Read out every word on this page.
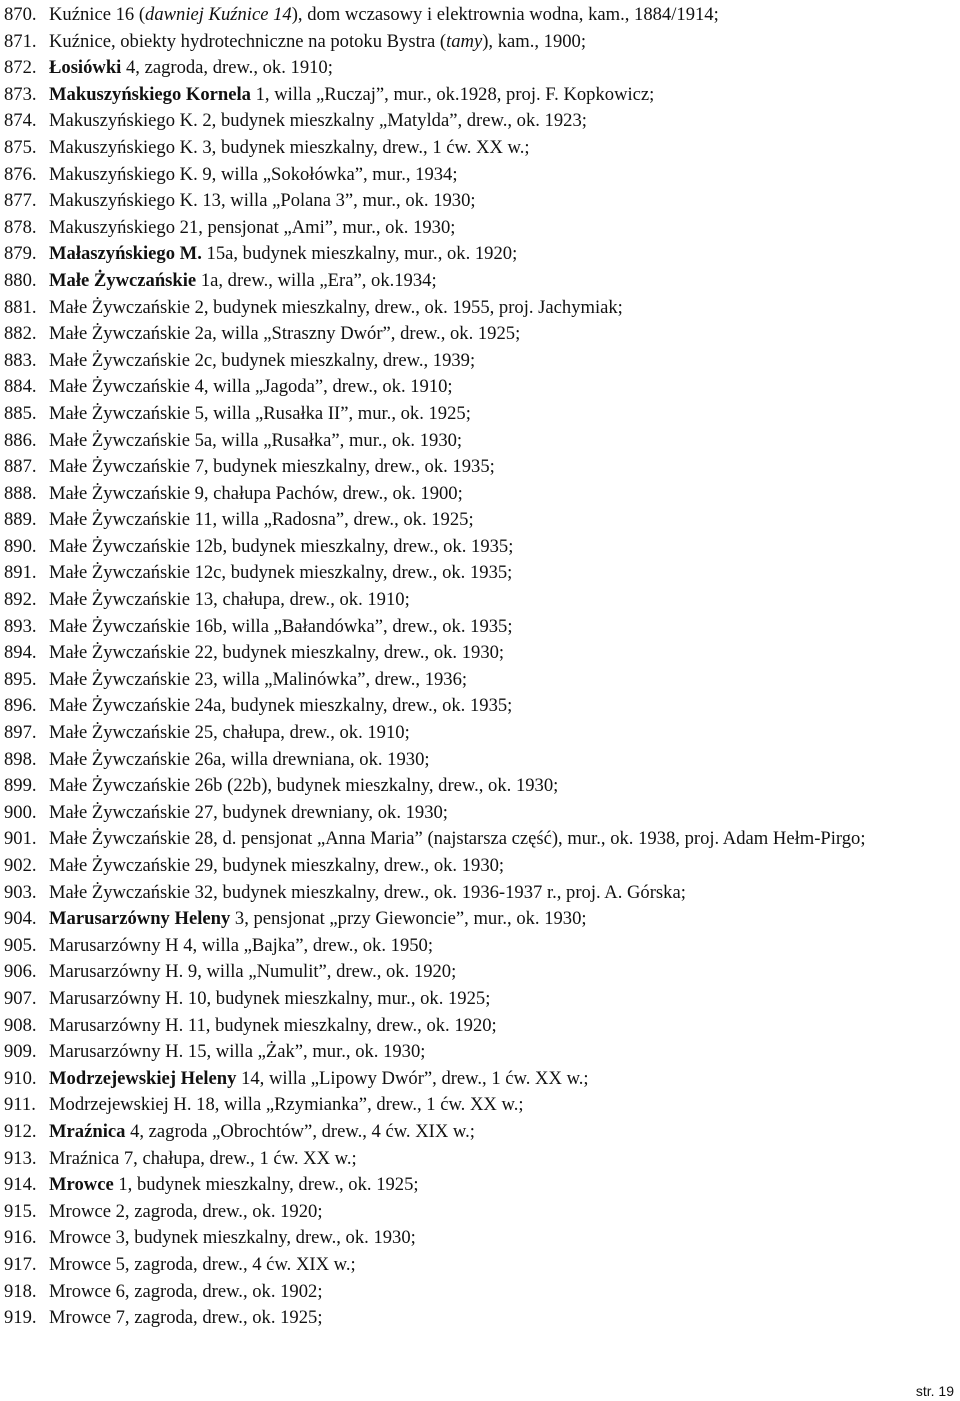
870. Kuźnice 16 (dawniej Kuźnice 14), dom wczasowy i elektrownia wodna, kam., 1884/1914;
871. Kuźnice, obiekty hydrotechniczne na potoku Bystra (tamy), kam., 1900;
872. Łosiówki 4, zagroda, drew., ok. 1910;
873. Makuszyńskiego Kornela 1, willa „Ruczaj”, mur., ok.1928, proj. F. Kopkowicz;
874. Makuszyńskiego K. 2, budynek mieszkalny „Matylda”, drew., ok. 1923;
875. Makuszyńskiego K. 3, budynek mieszkalny, drew., 1 ćw. XX w.;
876. Makuszyńskiego K. 9, willa „Sokołówka”, mur., 1934;
877. Makuszyńskiego K. 13, willa „Polana 3”, mur., ok. 1930;
878. Makuszyńskiego 21, pensjonat „Ami”, mur., ok. 1930;
879. Małaszyńskiego M. 15a, budynek mieszkalny, mur., ok. 1920;
880. Małe Żywczańskie 1a, drew., willa „Era”, ok.1934;
881. Małe Żywczańskie 2, budynek mieszkalny, drew., ok. 1955, proj. Jachymiak;
882. Małe Żywczańskie 2a, willa „Straszny Dwór”, drew., ok. 1925;
883. Małe Żywczańskie 2c, budynek mieszkalny, drew., 1939;
884. Małe Żywczańskie 4, willa „Jagoda”, drew., ok. 1910;
885. Małe Żywczańskie 5, willa „Rusałka II”, mur., ok. 1925;
886. Małe Żywczańskie 5a, willa „Rusałka”, mur., ok. 1930;
887. Małe Żywczańskie 7, budynek mieszkalny, drew., ok. 1935;
888. Małe Żywczańskie 9, chałupa Pachów, drew., ok. 1900;
889. Małe Żywczańskie 11, willa „Radosna”, drew., ok. 1925;
890. Małe Żywczańskie 12b, budynek mieszkalny, drew., ok. 1935;
891. Małe Żywczańskie 12c, budynek mieszkalny, drew., ok. 1935;
892. Małe Żywczańskie 13, chałupa, drew., ok. 1910;
893. Małe Żywczańskie 16b, willa „Bałandówka”, drew., ok. 1935;
894. Małe Żywczańskie 22, budynek mieszkalny, drew., ok. 1930;
895. Małe Żywczańskie 23, willa „Malinówka”, drew., 1936;
896. Małe Żywczańskie 24a, budynek mieszkalny, drew., ok. 1935;
897. Małe Żywczańskie 25, chałupa, drew., ok. 1910;
898. Małe Żywczańskie 26a, willa drewniana, ok. 1930;
899. Małe Żywczańskie 26b (22b), budynek mieszkalny, drew., ok. 1930;
900. Małe Żywczańskie 27, budynek drewniany, ok. 1930;
901. Małe Żywczańskie 28, d. pensjonat „Anna Maria” (najstarsza część), mur., ok. 1938, proj. Adam Hełm-Pirgo;
902. Małe Żywczańskie 29, budynek mieszkalny, drew., ok. 1930;
903. Małe Żywczańskie 32, budynek mieszkalny, drew., ok. 1936-1937 r., proj. A. Górska;
904. Marusarzówny Heleny 3, pensjonat „przy Giewoncie”, mur., ok. 1930;
905. Marusarzówny H 4, willa „Bajka”, drew., ok. 1950;
906. Marusarzówny H. 9, willa „Numulit”, drew., ok. 1920;
907. Marusarzówny H. 10, budynek mieszkalny, mur., ok. 1925;
908. Marusarzówny H. 11, budynek mieszkalny, drew., ok. 1920;
909. Marusarzówny H. 15, willa „Żak”, mur., ok. 1930;
910. Modrzejewskiej Heleny 14, willa „Lipowy Dwór”, drew., 1 ćw. XX w.;
911. Modrzejewskiej H. 18, willa „Rzymianka”, drew., 1 ćw. XX w.;
912. Mraźnica 4, zagroda „Obrochtów”, drew., 4 ćw. XIX w.;
913. Mraźnica 7, chałupa, drew., 1 ćw. XX w.;
914. Mrowce 1, budynek mieszkalny, drew., ok. 1925;
915. Mrowce 2, zagroda, drew., ok. 1920;
916. Mrowce 3, budynek mieszkalny, drew., ok. 1930;
917. Mrowce 5, zagroda, drew., 4 ćw. XIX w.;
918. Mrowce 6, zagroda, drew., ok. 1902;
919. Mrowce 7, zagroda, drew., ok. 1925;
str. 19
